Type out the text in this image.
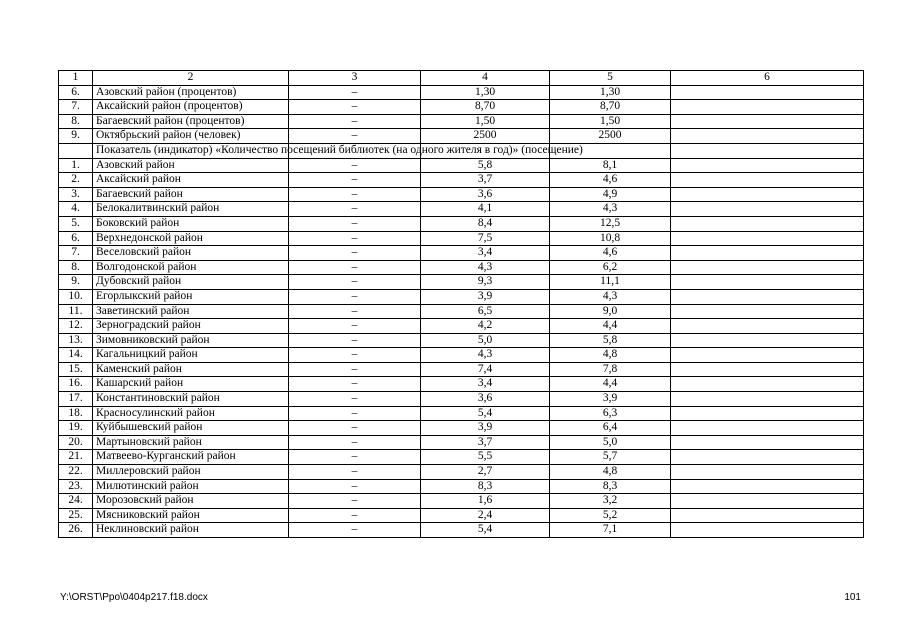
1	2	3	4	5	6
6.	Азовский район (процентов)	–	1,30	1,30	
7.	Аксайский район (процентов)	–	8,70	8,70	
8.	Багаевский район (процентов)	–	1,50	1,50	
9.	Октябрьский район (человек)	–	2500	2500	
	Показатель (индикатор) «Количество посещений библиотек (на одного жителя в год)» (посещение)				
1.	Азовский район	–	5,8	8,1	
2.	Аксайский район	–	3,7	4,6	
3.	Багаевский район	–	3,6	4,9	
4.	Белокалитвинский район	–	4,1	4,3	
5.	Боковский район	–	8,4	12,5	
6.	Верхнедонской район	–	7,5	10,8	
7.	Веселовский район	–	3,4	4,6	
8.	Волгодонской район	–	4,3	6,2	
9.	Дубовский район	–	9,3	11,1	
10.	Егорлыкский район	–	3,9	4,3	
11.	Заветинский район	–	6,5	9,0	
12.	Зерноградский район	–	4,2	4,4	
13.	Зимовниковский район	–	5,0	5,8	
14.	Кагальницкий район	–	4,3	4,8	
15.	Каменский район	–	7,4	7,8	
16.	Кашарский район	–	3,4	4,4	
17.	Константиновский район	–	3,6	3,9	
18.	Красносулинский район	–	5,4	6,3	
19.	Куйбышевский район	–	3,9	6,4	
20.	Мартыновский район	–	3,7	5,0	
21.	Матвеево-Курганский район	–	5,5	5,7	
22.	Миллеровский район	–	2,7	4,8	
23.	Милютинский район	–	8,3	8,3	
24.	Морозовский район	–	1,6	3,2	
25.	Мясниковский район	–	2,4	5,2	
26.	Неклиновский район	–	5,4	7,1	
Y:\ORST\Ppo\0404p217.f18.docx	101
